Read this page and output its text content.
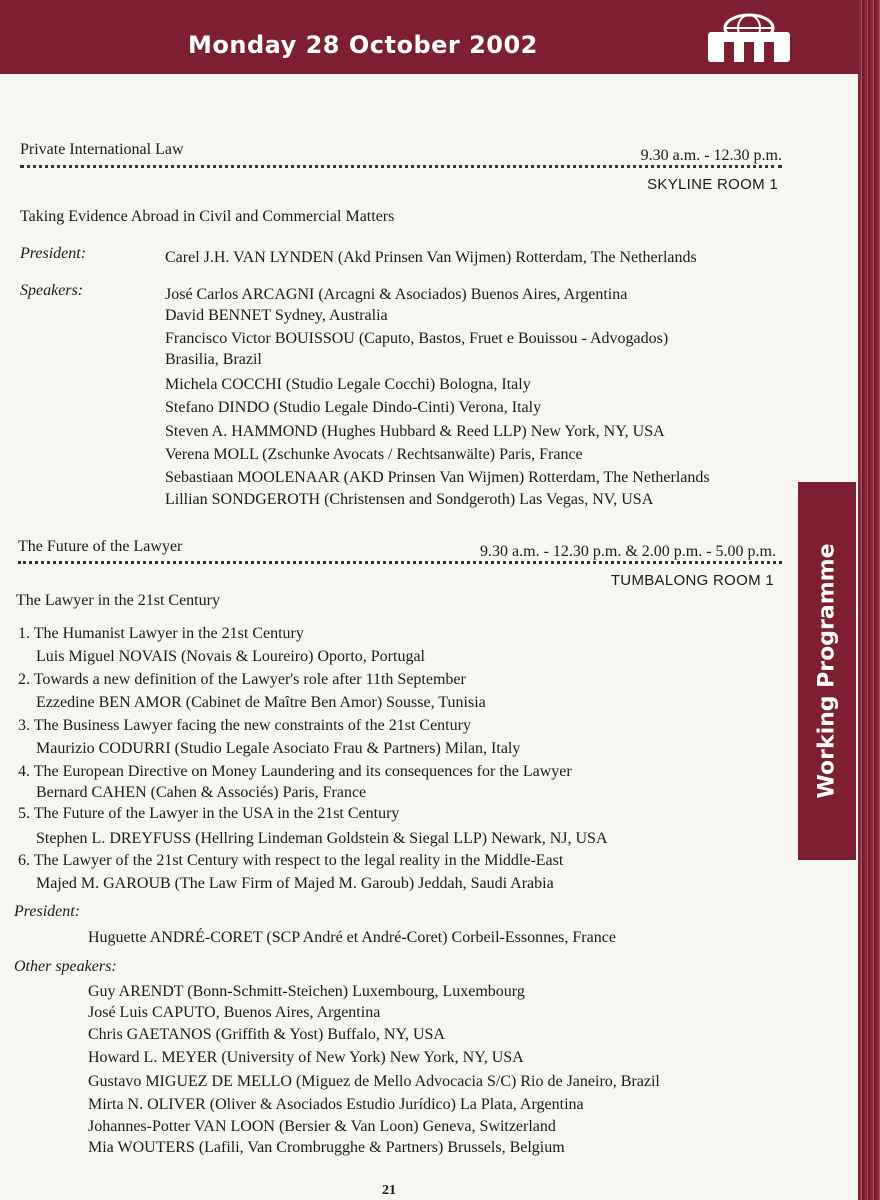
Monday 28 October 2002
Working Programme
Private International Law	9.30 a.m. - 12.30 p.m.
SKYLINE ROOM 1
Taking Evidence Abroad in Civil and Commercial Matters
President:	Carel J.H. VAN LYNDEN (Akd Prinsen Van Wijmen) Rotterdam, The Netherlands
Speakers:	José Carlos ARCAGNI (Arcagni & Asociados) Buenos Aires, Argentina
David BENNET Sydney, Australia
Francisco Victor BOUISSOU (Caputo, Bastos, Fruet e Bouissou - Advogados)
Brasilia, Brazil
Michela COCCHI (Studio Legale Cocchi) Bologna, Italy
Stefano DINDO (Studio Legale Dindo-Cinti) Verona, Italy
Steven A. HAMMOND (Hughes Hubbard & Reed LLP) New York, NY, USA
Verena MOLL (Zschunke Avocats / Rechtsanwälte) Paris, France
Sebastiaan MOOLENAAR (AKD Prinsen Van Wijmen) Rotterdam, The Netherlands
Lillian SONDGEROTH (Christensen and Sondgeroth) Las Vegas, NV, USA
The Future of the Lawyer	9.30 a.m. - 12.30 p.m. & 2.00 p.m. - 5.00 p.m.
TUMBALONG ROOM 1
The Lawyer in the 21st Century
1. The Humanist Lawyer in the 21st Century
Luis Miguel NOVAIS (Novais & Loureiro) Oporto, Portugal
2. Towards a new definition of the Lawyer's role after 11th September
Ezzedine BEN AMOR (Cabinet de Maître Ben Amor) Sousse, Tunisia
3. The Business Lawyer facing the new constraints of the 21st Century
Maurizio CODURRI (Studio Legale Asociato Frau & Partners) Milan, Italy
4. The European Directive on Money Laundering and its consequences for the Lawyer
Bernard CAHEN (Cahen & Associés) Paris, France
5. The Future of the Lawyer in the USA in the 21st Century
Stephen L. DREYFUSS (Hellring Lindeman Goldstein & Siegal LLP) Newark, NJ, USA
6. The Lawyer of the 21st Century with respect to the legal reality in the Middle-East
Majed M. GAROUB (The Law Firm of Majed M. Garoub) Jeddah, Saudi Arabia
President:
Huguette ANDRÉ-CORET (SCP André et André-Coret) Corbeil-Essonnes, France
Other speakers:
Guy ARENDT (Bonn-Schmitt-Steichen) Luxembourg, Luxembourg
José Luis CAPUTO, Buenos Aires, Argentina
Chris GAETANOS (Griffith & Yost) Buffalo, NY, USA
Howard L. MEYER (University of New York) New York, NY, USA
Gustavo MIGUEZ DE MELLO (Miguez de Mello Advocacia S/C) Rio de Janeiro, Brazil
Mirta N. OLIVER (Oliver & Asociados Estudio Jurídico) La Plata, Argentina
Johannes-Potter VAN LOON (Bersier & Van Loon) Geneva, Switzerland
Mia WOUTERS (Lafili, Van Crombrugghe & Partners) Brussels, Belgium
21
